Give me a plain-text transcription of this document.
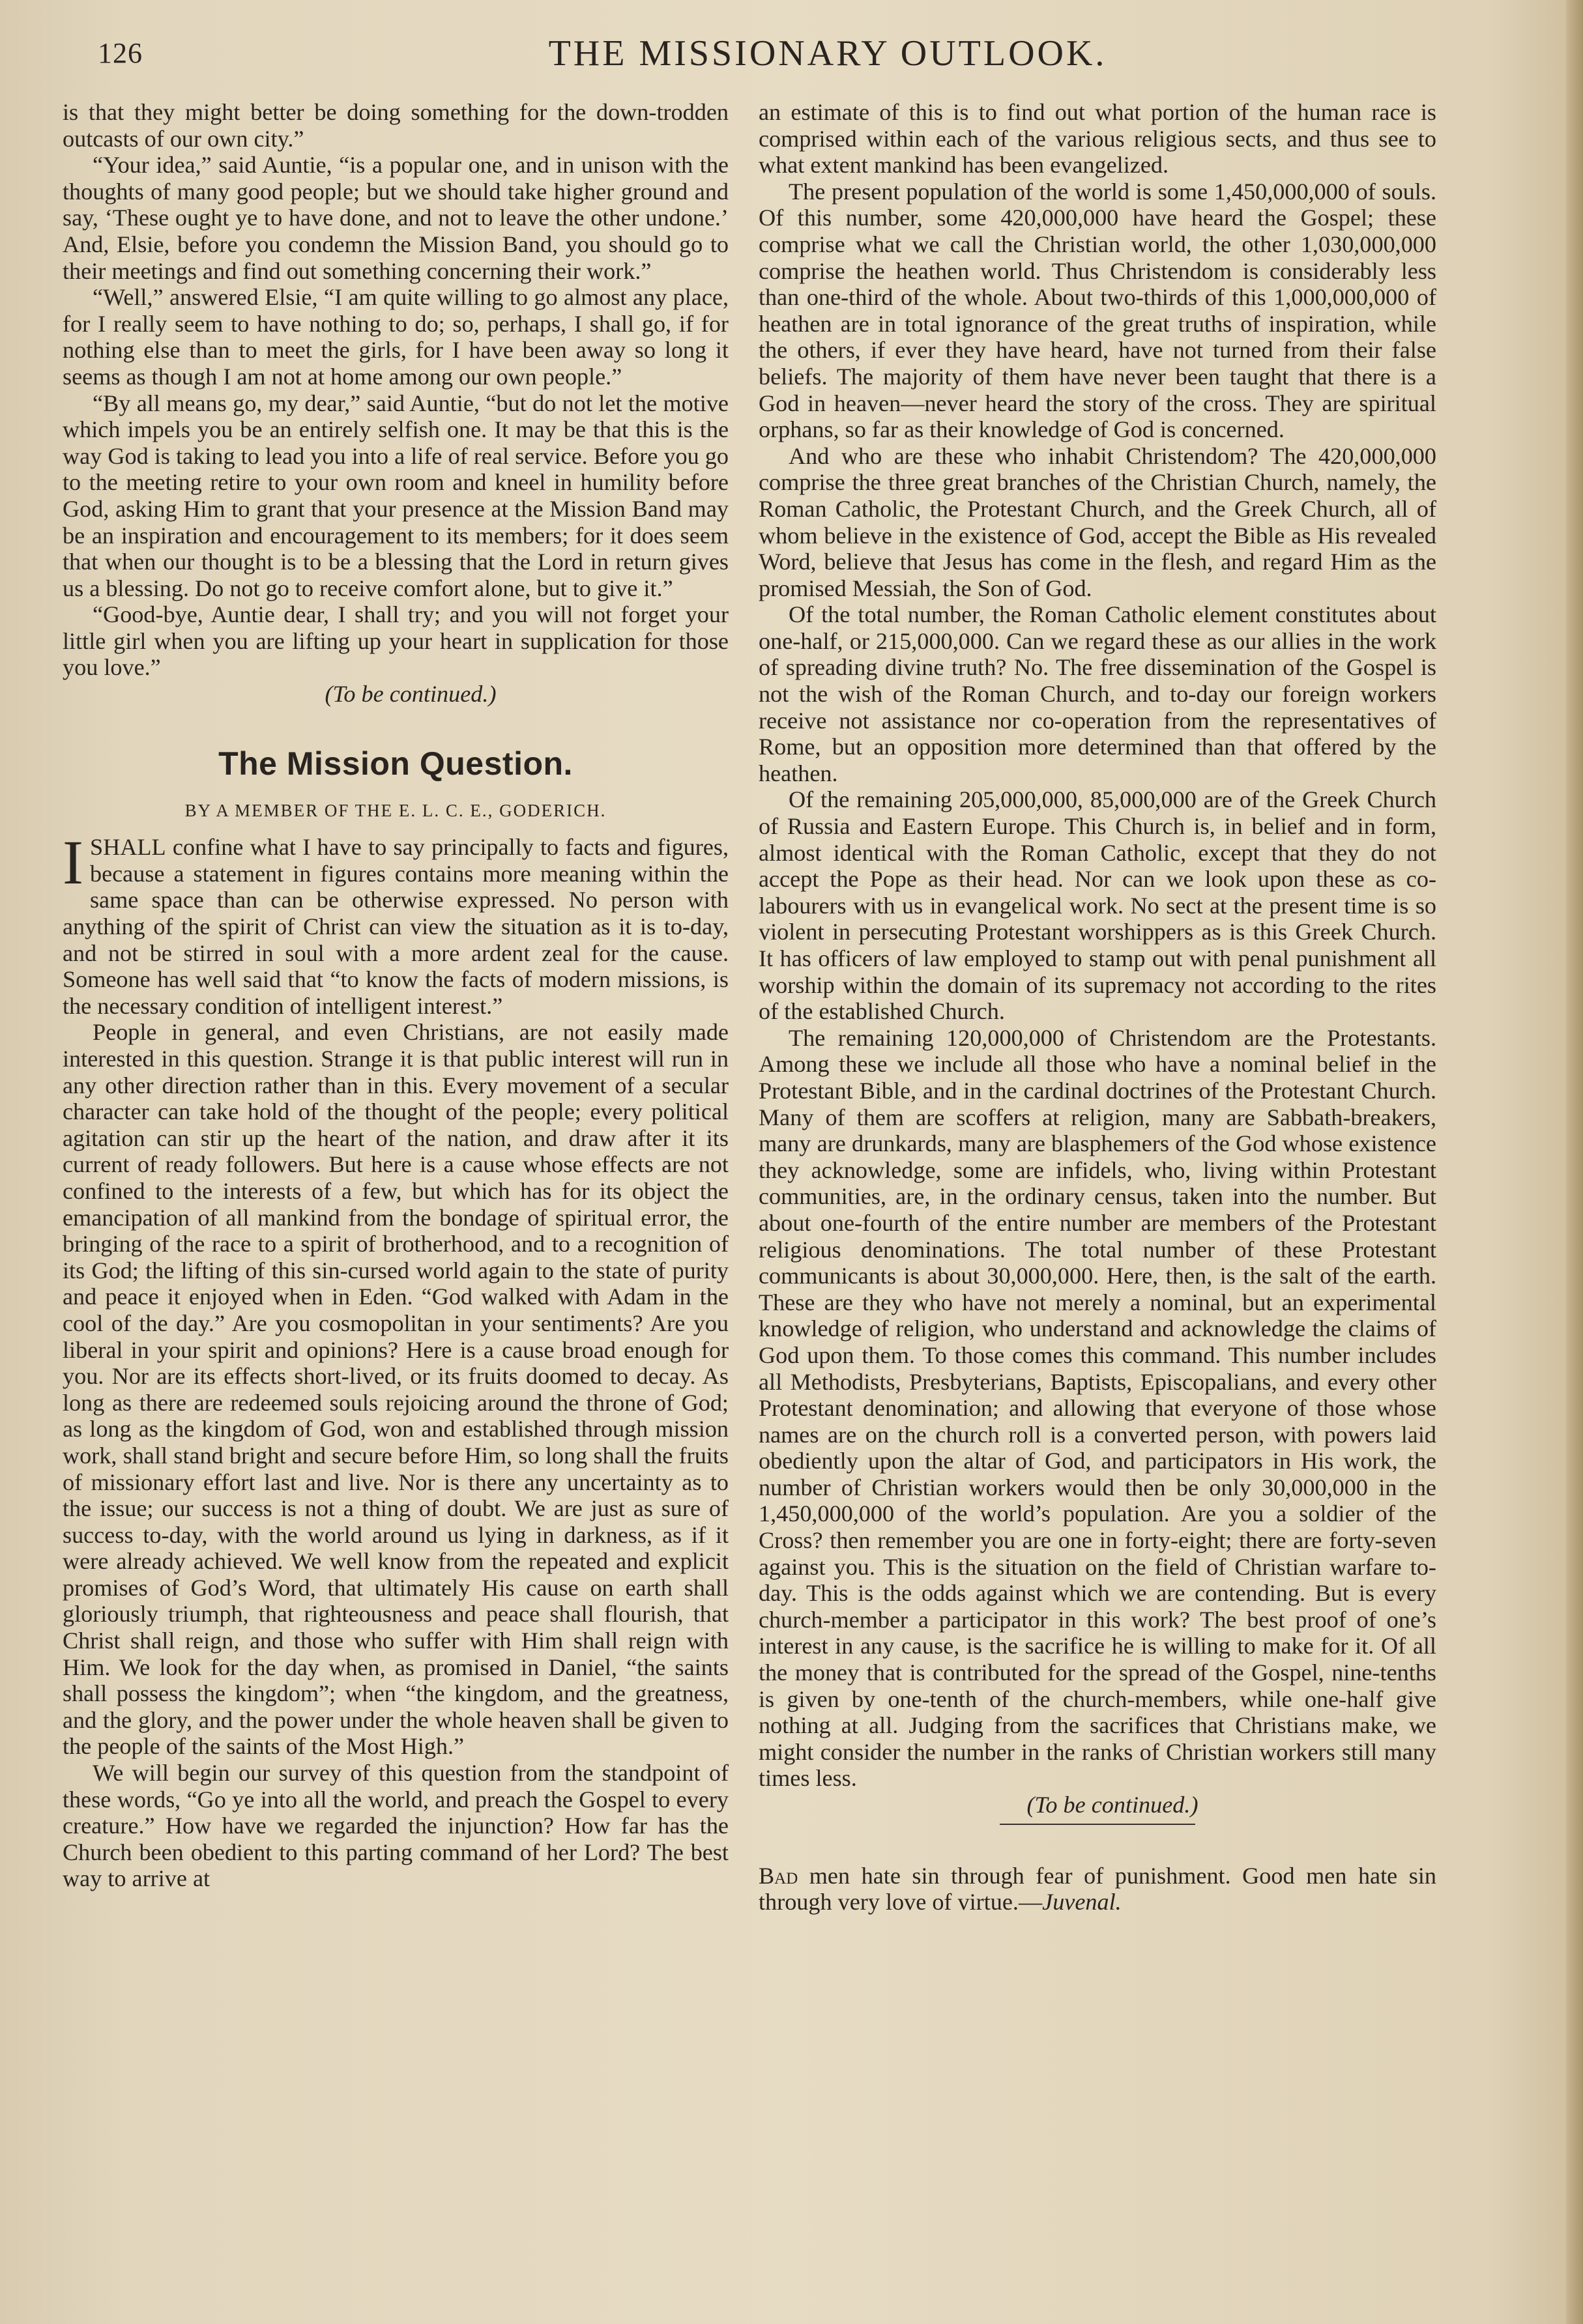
126	THE MISSIONARY OUTLOOK.

is that they might better be doing something for the down-trodden outcasts of our own city.”

“Your idea,” said Auntie, “is a popular one, and in unison with the thoughts of many good people; but we should take higher ground and say, ‘These ought ye to have done, and not to leave the other undone.’ And, Elsie, before you condemn the Mission Band, you should go to their meetings and find out something concerning their work.”

“Well,” answered Elsie, “I am quite willing to go almost any place, for I really seem to have nothing to do; so, perhaps, I shall go, if for nothing else than to meet the girls, for I have been away so long it seems as though I am not at home among our own people.”

“By all means go, my dear,” said Auntie, “but do not let the motive which impels you be an entirely selfish one. It may be that this is the way God is taking to lead you into a life of real service. Before you go to the meeting retire to your own room and kneel in humility before God, asking Him to grant that your presence at the Mission Band may be an inspiration and encouragement to its members; for it does seem that when our thought is to be a blessing that the Lord in return gives us a blessing. Do not go to receive comfort alone, but to give it.”

“Good-bye, Auntie dear, I shall try; and you will not forget your little girl when you are lifting up your heart in supplication for those you love.”

(To be continued.)

The Mission Question.
BY A MEMBER OF THE E. L. C. E., GODERICH.

ISHALL confine what I have to say principally to facts and figures, because a statement in figures contains more meaning within the same space than can be otherwise expressed. No person with anything of the spirit of Christ can view the situation as it is to-day, and not be stirred in soul with a more ardent zeal for the cause. Someone has well said that “to know the facts of modern missions, is the necessary condition of intelligent interest.”

People in general, and even Christians, are not easily made interested in this question. Strange it is that public interest will run in any other direction rather than in this. Every movement of a secular character can take hold of the thought of the people; every political agitation can stir up the heart of the nation, and draw after it its current of ready followers. But here is a cause whose effects are not confined to the interests of a few, but which has for its object the emancipation of all mankind from the bondage of spiritual error, the bringing of the race to a spirit of brotherhood, and to a recognition of its God; the lifting of this sin-cursed world again to the state of purity and peace it enjoyed when in Eden. “God walked with Adam in the cool of the day.” Are you cosmopolitan in your sentiments? Are you liberal in your spirit and opinions? Here is a cause broad enough for you. Nor are its effects short-lived, or its fruits doomed to decay. As long as there are redeemed souls rejoicing around the throne of God; as long as the kingdom of God, won and established through mission work, shall stand bright and secure before Him, so long shall the fruits of missionary effort last and live. Nor is there any uncertainty as to the issue; our success is not a thing of doubt. We are just as sure of success to-day, with the world around us lying in darkness, as if it were already achieved. We well know from the repeated and explicit promises of God’s Word, that ultimately His cause on earth shall gloriously triumph, that righteousness and peace shall flourish, that Christ shall reign, and those who suffer with Him shall reign with Him. We look for the day when, as promised in Daniel, “the saints shall possess the kingdom”; when “the kingdom, and the greatness, and the glory, and the power under the whole heaven shall be given to the people of the saints of the Most High.”

We will begin our survey of this question from the standpoint of these words, “Go ye into all the world, and preach the Gospel to every creature.” How have we regarded the injunction? How far has the Church been obedient to this parting command of her Lord? The best way to arrive at

an estimate of this is to find out what portion of the human race is comprised within each of the various religious sects, and thus see to what extent mankind has been evangelized.

The present population of the world is some 1,450,000,000 of souls. Of this number, some 420,000,000 have heard the Gospel; these comprise what we call the Christian world, the other 1,030,000,000 comprise the heathen world. Thus Christendom is considerably less than one-third of the whole. About two-thirds of this 1,000,000,000 of heathen are in total ignorance of the great truths of inspiration, while the others, if ever they have heard, have not turned from their false beliefs. The majority of them have never been taught that there is a God in heaven—never heard the story of the cross. They are spiritual orphans, so far as their knowledge of God is concerned.

And who are these who inhabit Christendom? The 420,000,000 comprise the three great branches of the Christian Church, namely, the Roman Catholic, the Protestant Church, and the Greek Church, all of whom believe in the existence of God, accept the Bible as His revealed Word, believe that Jesus has come in the flesh, and regard Him as the promised Messiah, the Son of God.

Of the total number, the Roman Catholic element constitutes about one-half, or 215,000,000. Can we regard these as our allies in the work of spreading divine truth? No. The free dissemination of the Gospel is not the wish of the Roman Church, and to-day our foreign workers receive not assistance nor co-operation from the representatives of Rome, but an opposition more determined than that offered by the heathen.

Of the remaining 205,000,000, 85,000,000 are of the Greek Church of Russia and Eastern Europe. This Church is, in belief and in form, almost identical with the Roman Catholic, except that they do not accept the Pope as their head. Nor can we look upon these as co-labourers with us in evangelical work. No sect at the present time is so violent in persecuting Protestant worshippers as is this Greek Church. It has officers of law employed to stamp out with penal punishment all worship within the domain of its supremacy not according to the rites of the established Church.

The remaining 120,000,000 of Christendom are the Protestants. Among these we include all those who have a nominal belief in the Protestant Bible, and in the cardinal doctrines of the Protestant Church. Many of them are scoffers at religion, many are Sabbath-breakers, many are drunkards, many are blasphemers of the God whose existence they acknowledge, some are infidels, who, living within Protestant communities, are, in the ordinary census, taken into the number. But about one-fourth of the entire number are members of the Protestant religious denominations. The total number of these Protestant communicants is about 30,000,000. Here, then, is the salt of the earth. These are they who have not merely a nominal, but an experimental knowledge of religion, who understand and acknowledge the claims of God upon them. To those comes this command. This number includes all Methodists, Presbyterians, Baptists, Episcopalians, and every other Protestant denomination; and allowing that everyone of those whose names are on the church roll is a converted person, with powers laid obediently upon the altar of God, and participators in His work, the number of Christian workers would then be only 30,000,000 in the 1,450,000,000 of the world’s population. Are you a soldier of the Cross? then remember you are one in forty-eight; there are forty-seven against you. This is the situation on the field of Christian warfare to-day. This is the odds against which we are contending. But is every church-member a participator in this work? The best proof of one’s interest in any cause, is the sacrifice he is willing to make for it. Of all the money that is contributed for the spread of the Gospel, nine-tenths is given by one-tenth of the church-members, while one-half give nothing at all. Judging from the sacrifices that Christians make, we might consider the number in the ranks of Christian workers still many times less.

(To be continued.)

Bad men hate sin through fear of punishment. Good men hate sin through very love of virtue.—Juvenal.
